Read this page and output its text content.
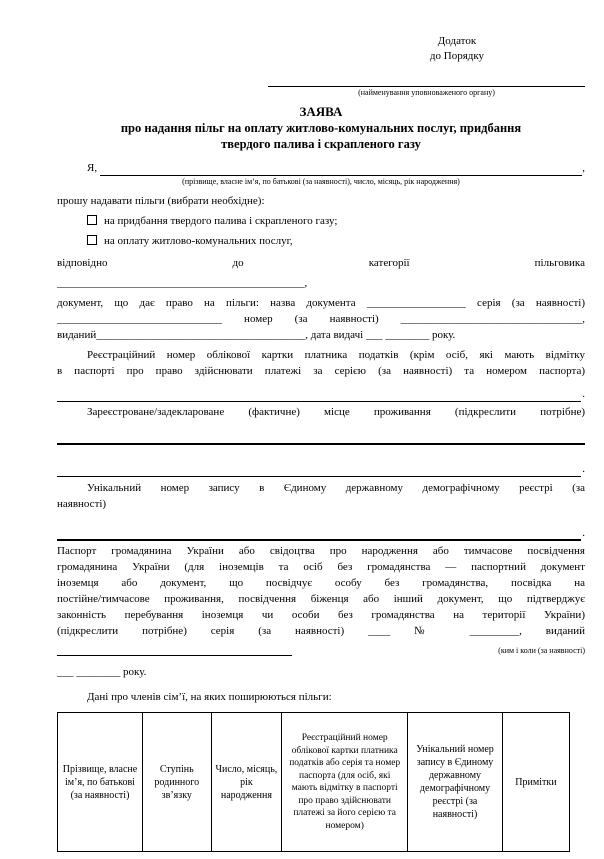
Додаток
до Порядку
(найменування уповноваженого органу)
ЗАЯВА
про надання пільг на оплату житлово-комунальних послуг, придбання
твердого палива і скрапленого газу
Я,	,
(прізвище, власне ім’я, по батькові (за наявності), число, місяць, рік народження)
прошу надавати пільги (вибрати необхідне):
на придбання твердого палива і скрапленого газу;
на оплату житлово-комунальних послуг,
відповідно до категорії пільговика
_____________________________________________,
документ, що дає право на пільги: назва документа __________________ серія (за наявності)
______________________________ номер (за наявності) _________________________________,
виданий______________________________________, дата видачі ___ ________ року.
Реєстраційний номер облікової картки платника податків (крім осіб, які мають відмітку
в паспорті про право здійснювати платежі за серією (за наявності) та номером паспорта)
.
Зареєстроване/задеклароване (фактичне) місце проживання (підкреслити потрібне)
.
Унікальний номер запису в Єдиному державному демографічному реєстрі (за
наявності)
.
Паспорт громадянина України або свідоцтва про народження або тимчасове посвідчення
громадянина України (для іноземців та осіб без громадянства — паспортний документ
іноземця або документ, що посвідчує особу без громадянства, посвідка на
постійне/тимчасове проживання, посвідчення біженця або інший документ, що підтверджує
законність перебування іноземця чи особи без громадянства на території України)
(підкреслити потрібне) серія (за наявності) ____ № _________, виданий
(ким і коли (за наявності)
___ ________ року.
Дані про членів сім’ї, на яких поширюються пільги:
Прізвище, власне ім’я, по батькові (за наявності)	Ступінь родинного зв’язку	Число, місяць, рік народження	Реєстраційний номер облікової картки платника податків або серія та номер паспорта (для осіб, які мають відмітку в паспорті про право здійснювати платежі за його серією та номером)	Унікальний номер запису в Єдиному державному демографічному реєстрі (за наявності)	Примітки
